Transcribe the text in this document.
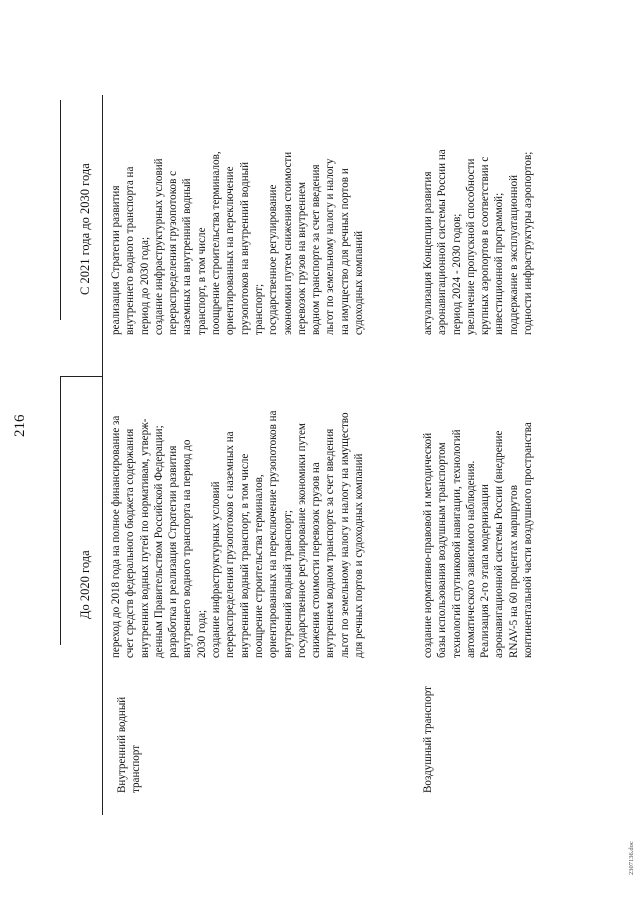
216
До 2020 года
С 2021 года до 2030 года
Внутренний водный транспорт
переход до 2018 года на полное финансирование за счет средств федерального бюджета содержания внутренних водных путей по нормативам, утверж- денным Правительством Российской Федерации; разработка и реализация Стратегии развития внутреннего водного транспорта на период до 2030 года; создание инфраструктурных условий перераспределения грузопотоков с наземных на внутренний водный транспорт, в том числе поощрение строительства терминалов, ориентированных на переключение грузопотоков на внутренний водный транспорт; государственное регулирование экономики путем снижения стоимости перевозок грузов на внутреннем водном транспорте за счет введения льгот по земельному налогу и налогу на имущество для речных портов и судоходных компаний
реализация Стратегии развития внутреннего водного транспорта на период до 2030 года; создание инфраструктурных условий перераспределения грузопотоков с наземных на внутренний водный транспорт, в том числе поощрение строительства терминалов, ориентированных на переключение грузопотоков на внутренний водный транспорт; государственное регулирование экономики путем снижения стоимости перевозок грузов на внутреннем водном транспорте за счет введения льгот по земельному налогу и налогу на имущество для речных портов и судоходных компаний
Воздушный транспорт
создание нормативно-правовой и методической базы использования воздушным транспортом технологий спутниковой навигации, технологий автоматического зависимого наблюдения. Реализация 2-го этапа модернизации аэронавигационной системы России (внедрение RNAV-5 на 60 процентах маршрутов континентальной части воздушного пространства
актуализация Концепции развития аэронавигационной системы России на период 2024 - 2030 годов; увеличение пропускной способности крупных аэропортов в соответствии с инвестиционной программой; поддержание в эксплуатационной годности инфраструктуры аэропортов;
2307136.doc
